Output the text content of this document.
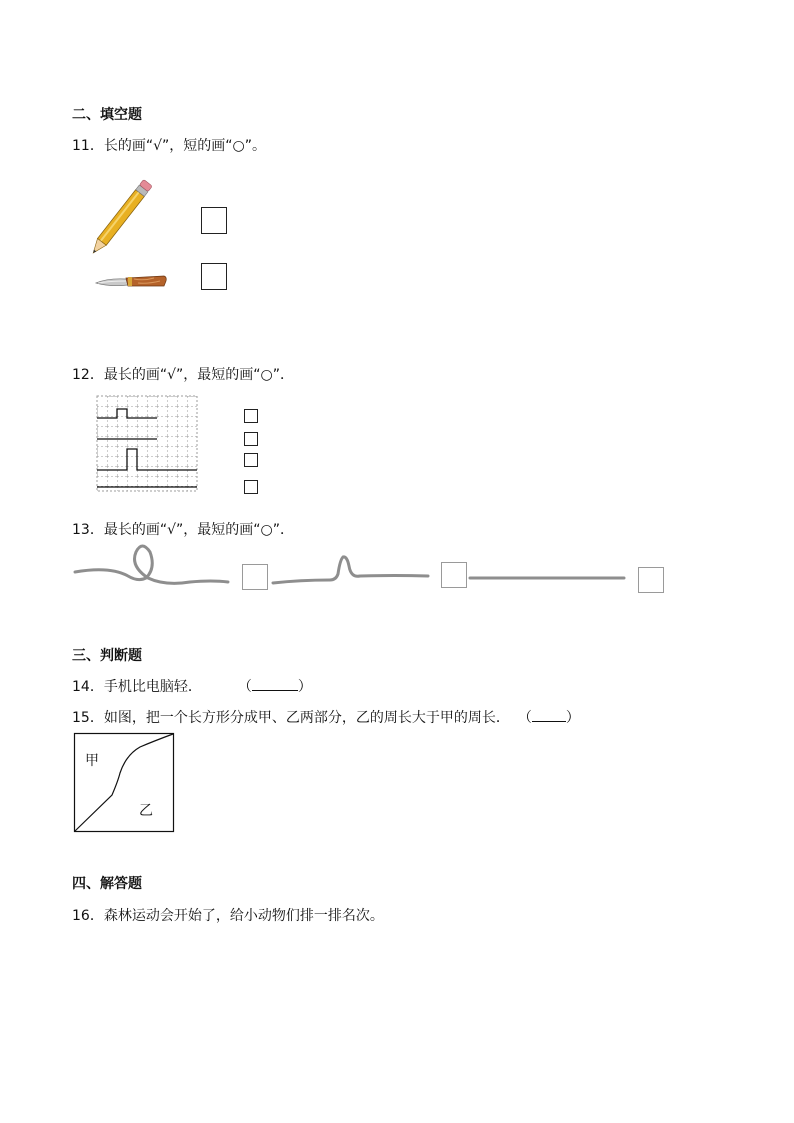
二、填空题
11．长的画“√”，短的画“○”。
12．最长的画“√”，最短的画“○”．
13．最长的画“√”，最短的画“○”．
三、判断题
14．手机比电脑轻．	（	）
15．如图，把一个长方形分成甲、乙两部分，乙的周长大于甲的周长． （ ）
甲
乙
四、解答题
16．森林运动会开始了，给小动物们排一排名次。
